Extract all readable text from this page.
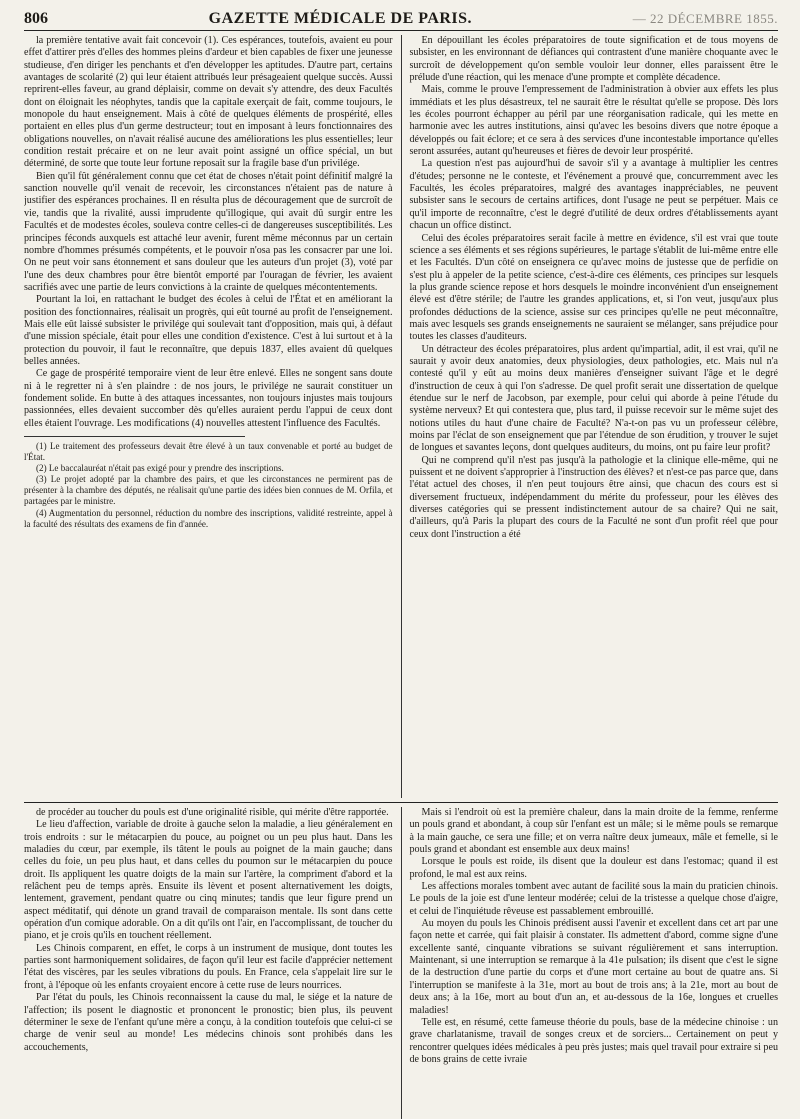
806	GAZETTE MÉDICALE DE PARIS.	— 22 DÉCEMBRE 1855.

la première tentative avait fait concevoir (1). Ces espérances, toutefois, avaient eu pour effet d'attirer près d'elles des hommes pleins d'ardeur et bien capables de fixer une jeunesse studieuse, d'en diriger les penchants et d'en développer les aptitudes. D'autre part, certains avantages de scolarité (2) qui leur étaient attribués leur présageaient quelque succès. Aussi reprirent-elles faveur, au grand déplaisir, comme on devait s'y attendre, des deux Facultés dont on éloignait les néophytes, tandis que la capitale exerçait de fait, comme toujours, le monopole du haut enseignement. Mais à côté de quelques éléments de prospérité, elles portaient en elles plus d'un germe destructeur; tout en imposant à leurs fonctionnaires des obligations nouvelles, on n'avait réalisé aucune des améliorations les plus essentielles; leur condition restait précaire et on ne leur avait point assigné un office spécial, un but déterminé, de sorte que toute leur fortune reposait sur la fragile base d'un privilége.

Bien qu'il fût généralement connu que cet état de choses n'était point définitif malgré la sanction nouvelle qu'il venait de recevoir, les circonstances n'étaient pas de nature à justifier des espérances prochaines. Il en résulta plus de découragement que de surcroît de vie, tandis que la rivalité, aussi imprudente qu'illogique, qui avait dû surgir entre les Facultés et de modestes écoles, souleva contre celles-ci de dangereuses susceptibilités. Les principes féconds auxquels est attaché leur avenir, furent même méconnus par un certain nombre d'hommes présumés compétents, et le pouvoir n'osa pas les consacrer par une loi. On ne peut voir sans étonnement et sans douleur que les auteurs d'un projet (3), voté par l'une des deux chambres pour être bientôt emporté par l'ouragan de février, les avaient sacrifiés avec une partie de leurs convictions à la crainte de quelques mécontentements.

Pourtant la loi, en rattachant le budget des écoles à celui de l'État et en améliorant la position des fonctionnaires, réalisait un progrès, qui eût tourné au profit de l'enseignement. Mais elle eût laissé subsister le privilége qui soulevait tant d'opposition, mais qui, à défaut d'une mission spéciale, était pour elles une condition d'existence. C'est à lui surtout et à la protection du pouvoir, il faut le reconnaître, que depuis 1837, elles avaient dû quelques belles années.

Ce gage de prospérité temporaire vient de leur être enlevé. Elles ne songent sans doute ni à le regretter ni à s'en plaindre : de nos jours, le privilége ne saurait constituer un fondement solide. En butte à des attaques incessantes, non toujours injustes mais toujours passionnées, elles devaient succomber dès qu'elles auraient perdu l'appui de ceux dont elles étaient l'ouvrage. Les modifications (4) nouvelles attestent l'influence des Facultés.

(1) Le traitement des professeurs devait être élevé à un taux convenable et porté au budget de l'État.

(2) Le baccalauréat n'était pas exigé pour y prendre des inscriptions.

(3) Le projet adopté par la chambre des pairs, et que les circonstances ne permirent pas de présenter à la chambre des députés, ne réalisait qu'une partie des idées bien connues de M. Orfila, et partagées par le ministre.

(4) Augmentation du personnel, réduction du nombre des inscriptions, validité restreinte, appel à la faculté des résultats des examens de fin d'année.

En dépouillant les écoles préparatoires de toute signification et de tous moyens de subsister, en les environnant de défiances qui contrastent d'une manière choquante avec le surcroît de développement qu'on semble vouloir leur donner, elles paraissent être le prélude d'une réaction, qui les menace d'une prompte et complète décadence.

Mais, comme le prouve l'empressement de l'administration à obvier aux effets les plus immédiats et les plus désastreux, tel ne saurait être le résultat qu'elle se propose. Dès lors les écoles pourront échapper au péril par une réorganisation radicale, qui les mette en harmonie avec les autres institutions, ainsi qu'avec les besoins divers que notre époque a développés ou fait éclore; et ce sera à des services d'une incontestable importance qu'elles seront assurées, autant qu'heureuses et fières de devoir leur prospérité.

La question n'est pas aujourd'hui de savoir s'il y a avantage à multiplier les centres d'études; personne ne le conteste, et l'événement a prouvé que, concurremment avec les Facultés, les écoles préparatoires, malgré des avantages inappréciables, ne peuvent subsister sans le secours de certains artifices, dont l'usage ne peut se perpétuer. Mais ce qu'il importe de reconnaître, c'est le degré d'utilité de deux ordres d'établissements ayant chacun un office distinct.

Celui des écoles préparatoires serait facile à mettre en évidence, s'il est vrai que toute science a ses éléments et ses régions supérieures, le partage s'établit de lui-même entre elle et les Facultés. D'un côté on enseignera ce qu'avec moins de justesse que de perfidie on s'est plu à appeler de la petite science, c'est-à-dire ces éléments, ces principes sur lesquels la plus grande science repose et hors desquels le moindre inconvénient d'un enseignement élevé est d'être stérile; de l'autre les grandes applications, et, si l'on veut, jusqu'aux plus profondes déductions de la science, assise sur ces principes qu'elle ne peut méconnaître, mais avec lesquels ses grands enseignements ne sauraient se mélanger, sans préjudice pour toutes les classes d'auditeurs.

Un détracteur des écoles préparatoires, plus ardent qu'impartial, adit, il est vrai, qu'il ne saurait y avoir deux anatomies, deux physiologies, deux pathologies, etc. Mais nul n'a contesté qu'il y eût au moins deux manières d'enseigner suivant l'âge et le degré d'instruction de ceux à qui l'on s'adresse. De quel profit serait une dissertation de quelque étendue sur le nerf de Jacobson, par exemple, pour celui qui aborde à peine l'étude du système nerveux? Et qui contestera que, plus tard, il puisse recevoir sur le même sujet des notions utiles du haut d'une chaire de Faculté? N'a-t-on pas vu un professeur célèbre, moins par l'éclat de son enseignement que par l'étendue de son érudition, y trouver le sujet de longues et savantes leçons, dont quelques auditeurs, du moins, ont pu faire leur profit?

Qui ne comprend qu'il n'est pas jusqu'à la pathologie et la clinique elle-même, qui ne puissent et ne doivent s'approprier à l'instruction des élèves? et n'est-ce pas parce que, dans l'état actuel des choses, il n'en peut toujours être ainsi, que chacun des cours est si diversement fructueux, indépendamment du mérite du professeur, pour les élèves des diverses catégories qui se pressent indistinctement autour de sa chaire? Qui ne sait, d'ailleurs, qu'à Paris la plupart des cours de la Faculté ne sont d'un profit réel que pour ceux dont l'instruction a été

de procéder au toucher du pouls est d'une originalité risible, qui mérite d'être rapportée.

Le lieu d'affection, variable de droite à gauche selon la maladie, a lieu généralement en trois endroits : sur le métacarpien du pouce, au poignet ou un peu plus haut. Dans les maladies du cœur, par exemple, ils tâtent le pouls au poignet de la main gauche; dans celles du foie, un peu plus haut, et dans celles du poumon sur le métacarpien du pouce droit. Ils appliquent les quatre doigts de la main sur l'artère, la compriment d'abord et la relâchent peu de temps après. Ensuite ils lèvent et posent alternativement les doigts, lentement, gravement, pendant quatre ou cinq minutes; tandis que leur figure prend un aspect méditatif, qui dénote un grand travail de comparaison mentale. Ils sont dans cette opération d'un comique adorable. On a dit qu'ils ont l'air, en l'accomplissant, de toucher du piano, et je crois qu'ils en touchent réellement.

Les Chinois comparent, en effet, le corps à un instrument de musique, dont toutes les parties sont harmoniquement solidaires, de façon qu'il leur est facile d'apprécier nettement l'état des viscères, par les seules vibrations du pouls. En France, cela s'appelait lire sur le front, à l'époque où les enfants croyaient encore à cette ruse de leurs nourrices.

Par l'état du pouls, les Chinois reconnaissent la cause du mal, le siége et la nature de l'affection; ils posent le diagnostic et prononcent le pronostic; bien plus, ils peuvent déterminer le sexe de l'enfant qu'une mère a conçu, à la condition toutefois que celui-ci se charge de venir seul au monde! Les médecins chinois sont prohibés dans les accouchements,

Mais si l'endroit où est la première chaleur, dans la main droite de la femme, renferme un pouls grand et abondant, à coup sûr l'enfant est un mâle; si le même pouls se remarque à la main gauche, ce sera une fille; et on verra naître deux jumeaux, mâle et femelle, si le pouls grand et abondant est ensemble aux deux mains!

Lorsque le pouls est roide, ils disent que la douleur est dans l'estomac; quand il est profond, le mal est aux reins.

Les affections morales tombent avec autant de facilité sous la main du praticien chinois. Le pouls de la joie est d'une lenteur modérée; celui de la tristesse a quelque chose d'aigre, et celui de l'inquiétude rêveuse est passablement embrouillé.

Au moyen du pouls les Chinois prédisent aussi l'avenir et excellent dans cet art par une façon nette et carrée, qui fait plaisir à constater. Ils admettent d'abord, comme signe d'une excellente santé, cinquante vibrations se suivant régulièrement et sans interruption. Maintenant, si une interruption se remarque à la 41e pulsation; ils disent que c'est le signe de la destruction d'une partie du corps et d'une mort certaine au bout de quatre ans. Si l'interruption se manifeste à la 31e, mort au bout de trois ans; à la 21e, mort au bout de deux ans; à la 16e, mort au bout d'un an, et au-dessous de la 16e, longues et cruelles maladies!

Telle est, en résumé, cette fameuse théorie du pouls, base de la médecine chinoise : un grave charlatanisme, travail de songes creux et de sorciers... Certainement on peut y rencontrer quelques idées médicales à peu près justes; mais quel travail pour extraire si peu de bons grains de cette ivraie
